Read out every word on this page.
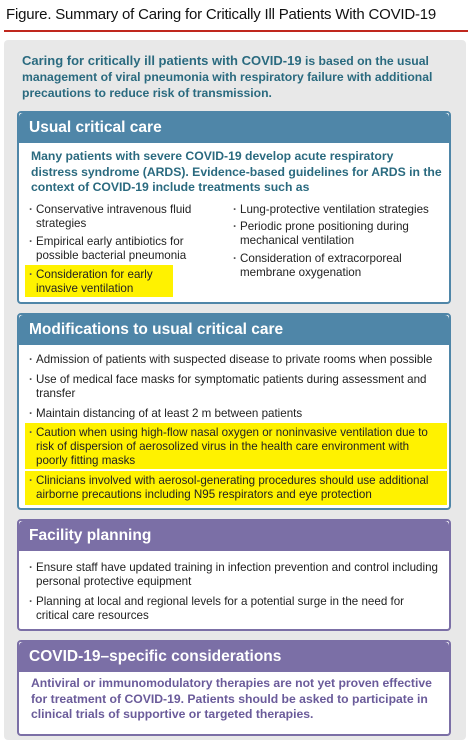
Figure. Summary of Caring for Critically Ill Patients With COVID-19
Caring for critically ill patients with COVID-19 is based on the usual management of viral pneumonia with respiratory failure with additional precautions to reduce risk of transmission.
Usual critical care
Many patients with severe COVID-19 develop acute respiratory distress syndrome (ARDS). Evidence-based guidelines for ARDS in the context of COVID-19 include treatments such as
· Conservative intravenous fluid strategies
· Empirical early antibiotics for possible bacterial pneumonia
· Consideration for early invasive ventilation
· Lung-protective ventilation strategies
· Periodic prone positioning during mechanical ventilation
· Consideration of extracorporeal membrane oxygenation
Modifications to usual critical care
· Admission of patients with suspected disease to private rooms when possible
· Use of medical face masks for symptomatic patients during assessment and transfer
· Maintain distancing of at least 2 m between patients
· Caution when using high-flow nasal oxygen or noninvasive ventilation due to risk of dispersion of aerosolized virus in the health care environment with poorly fitting masks
· Clinicians involved with aerosol-generating procedures should use additional airborne precautions including N95 respirators and eye protection
Facility planning
· Ensure staff have updated training in infection prevention and control including personal protective equipment
· Planning at local and regional levels for a potential surge in the need for critical care resources
COVID-19–specific considerations
Antiviral or immunomodulatory therapies are not yet proven effective for treatment of COVID-19. Patients should be asked to participate in clinical trials of supportive or targeted therapies.
